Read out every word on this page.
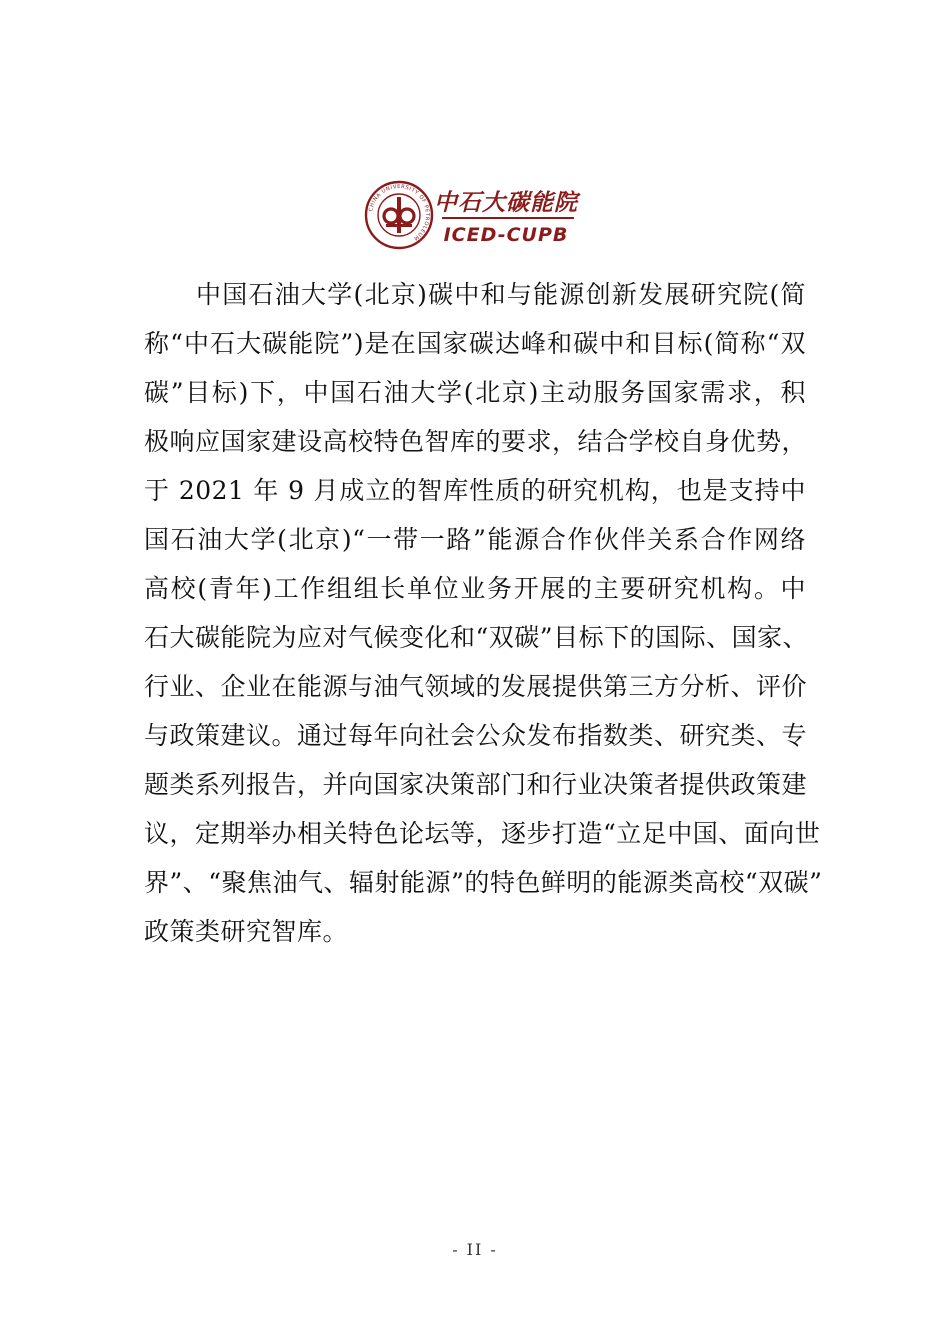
CHINA UNIVERSITY OF PETROLEUM
中石大碳能院
ICED-CUPB
中国石油大学(北京)碳中和与能源创新发展研究院(简
称“中石大碳能院”)是在国家碳达峰和碳中和目标(简称“双
碳”目标)下，中国石油大学(北京)主动服务国家需求，积
极响应国家建设高校特色智库的要求，结合学校自身优势，
于 2021 年 9 月成立的智库性质的研究机构，也是支持中
国石油大学(北京)“一带一路”能源合作伙伴关系合作网络
高校(青年)工作组组长单位业务开展的主要研究机构。中
石大碳能院为应对气候变化和“双碳”目标下的国际、国家、
行业、企业在能源与油气领域的发展提供第三方分析、评价
与政策建议。通过每年向社会公众发布指数类、研究类、专
题类系列报告，并向国家决策部门和行业决策者提供政策建
议，定期举办相关特色论坛等，逐步打造“立足中国、面向世
界”、“聚焦油气、辐射能源”的特色鲜明的能源类高校“双碳”
政策类研究智库。
- II -
